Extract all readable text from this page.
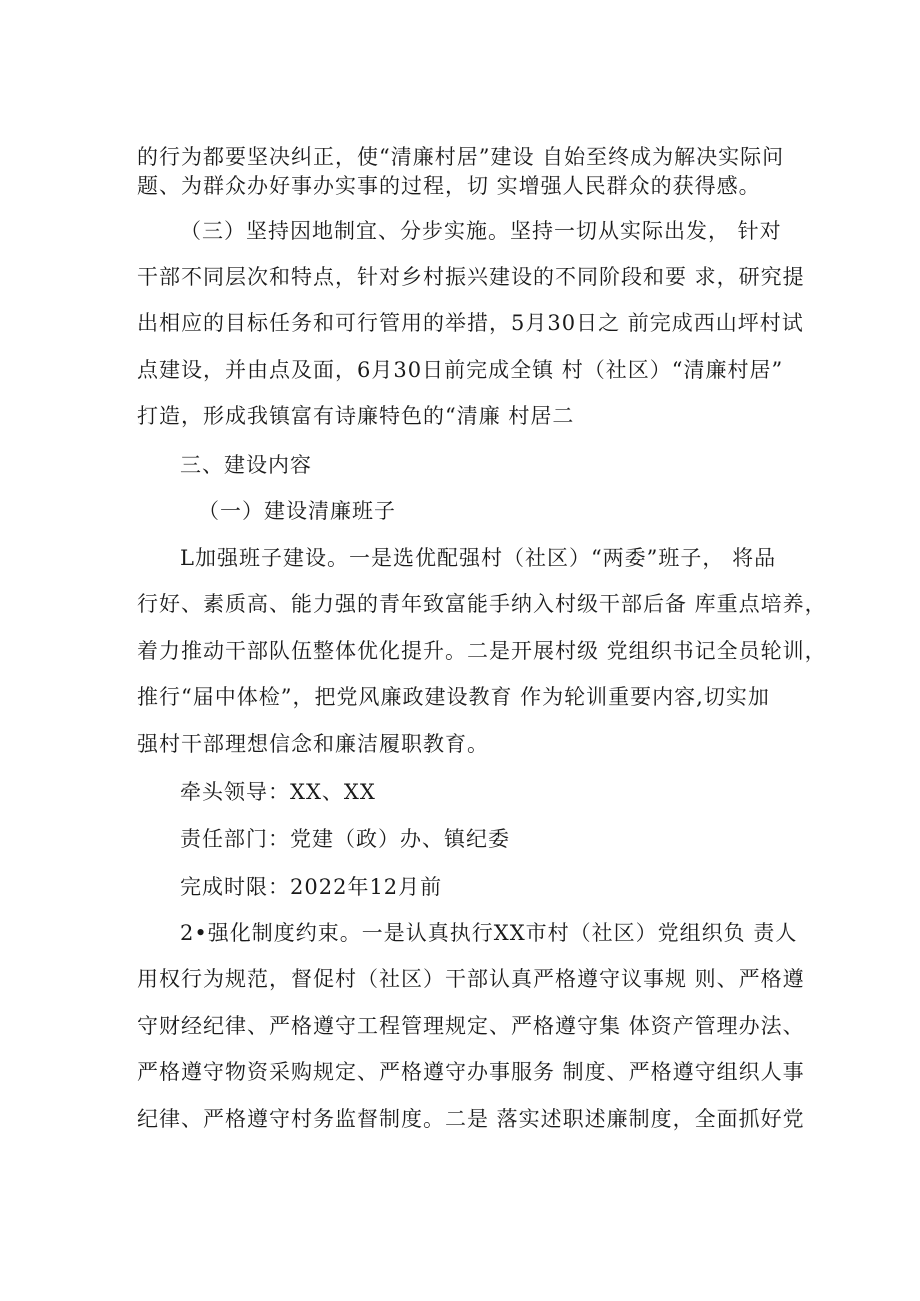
的行为都要坚决纠正，使“清廉村居”建设 自始至终成为解决实际问
题、为群众办好事办实事的过程，切 实增强人民群众的获得感。
（三）坚持因地制宜、分步实施。坚持一切从实际出发， 针对
干部不同层次和特点，针对乡村振兴建设的不同阶段和要 求，研究提
出相应的目标任务和可行管用的举措，5月30日之 前完成西山坪村试
点建设，并由点及面，6月30日前完成全镇 村（社区）“清廉村居”
打造，形成我镇富有诗廉特色的“清廉 村居二
三、建设内容
（一）建设清廉班子
L加强班子建设。一是选优配强村（社区）“两委”班子， 将品
行好、素质高、能力强的青年致富能手纳入村级干部后备 库重点培养，
着力推动干部队伍整体优化提升。二是开展村级 党组织书记全员轮训，
推行“届中体检”，把党风廉政建设教育 作为轮训重要内容,切实加
强村干部理想信念和廉洁履职教育。
牵头领导：XX、XX
责任部门：党建（政）办、镇纪委
完成时限：2022年12月前
2•强化制度约束。一是认真执行XX市村（社区）党组织负 责人
用权行为规范，督促村（社区）干部认真严格遵守议事规 则、严格遵
守财经纪律、严格遵守工程管理规定、严格遵守集 体资产管理办法、
严格遵守物资采购规定、严格遵守办事服务 制度、严格遵守组织人事
纪律、严格遵守村务监督制度。二是 落实述职述廉制度，全面抓好党
